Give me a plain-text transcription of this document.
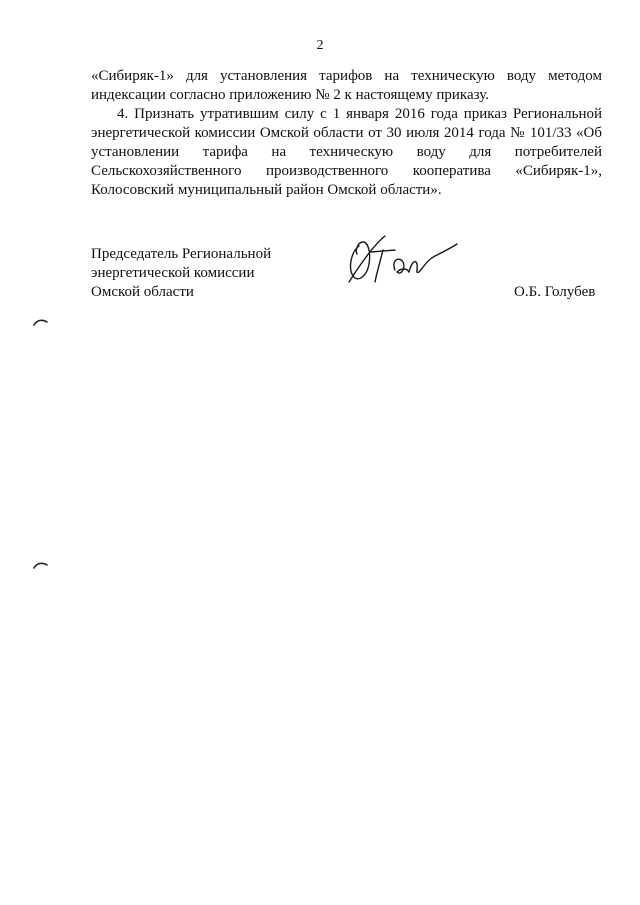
2
«Сибиряк-1» для установления тарифов на техническую воду методом
индексации согласно приложению № 2 к настоящему приказу.
4. Признать утратившим силу с 1 января 2016 года приказ Региональной
энергетической комиссии Омской области от 30 июля 2014 года № 101/33 «Об
установлении тарифа на техническую воду для потребителей
Сельскохозяйственного производственного кооператива «Сибиряк-1»,
Колосовский муниципальный район Омской области».
Председатель Региональной
энергетической комиссии
Омской области	О.Б. Голубев
